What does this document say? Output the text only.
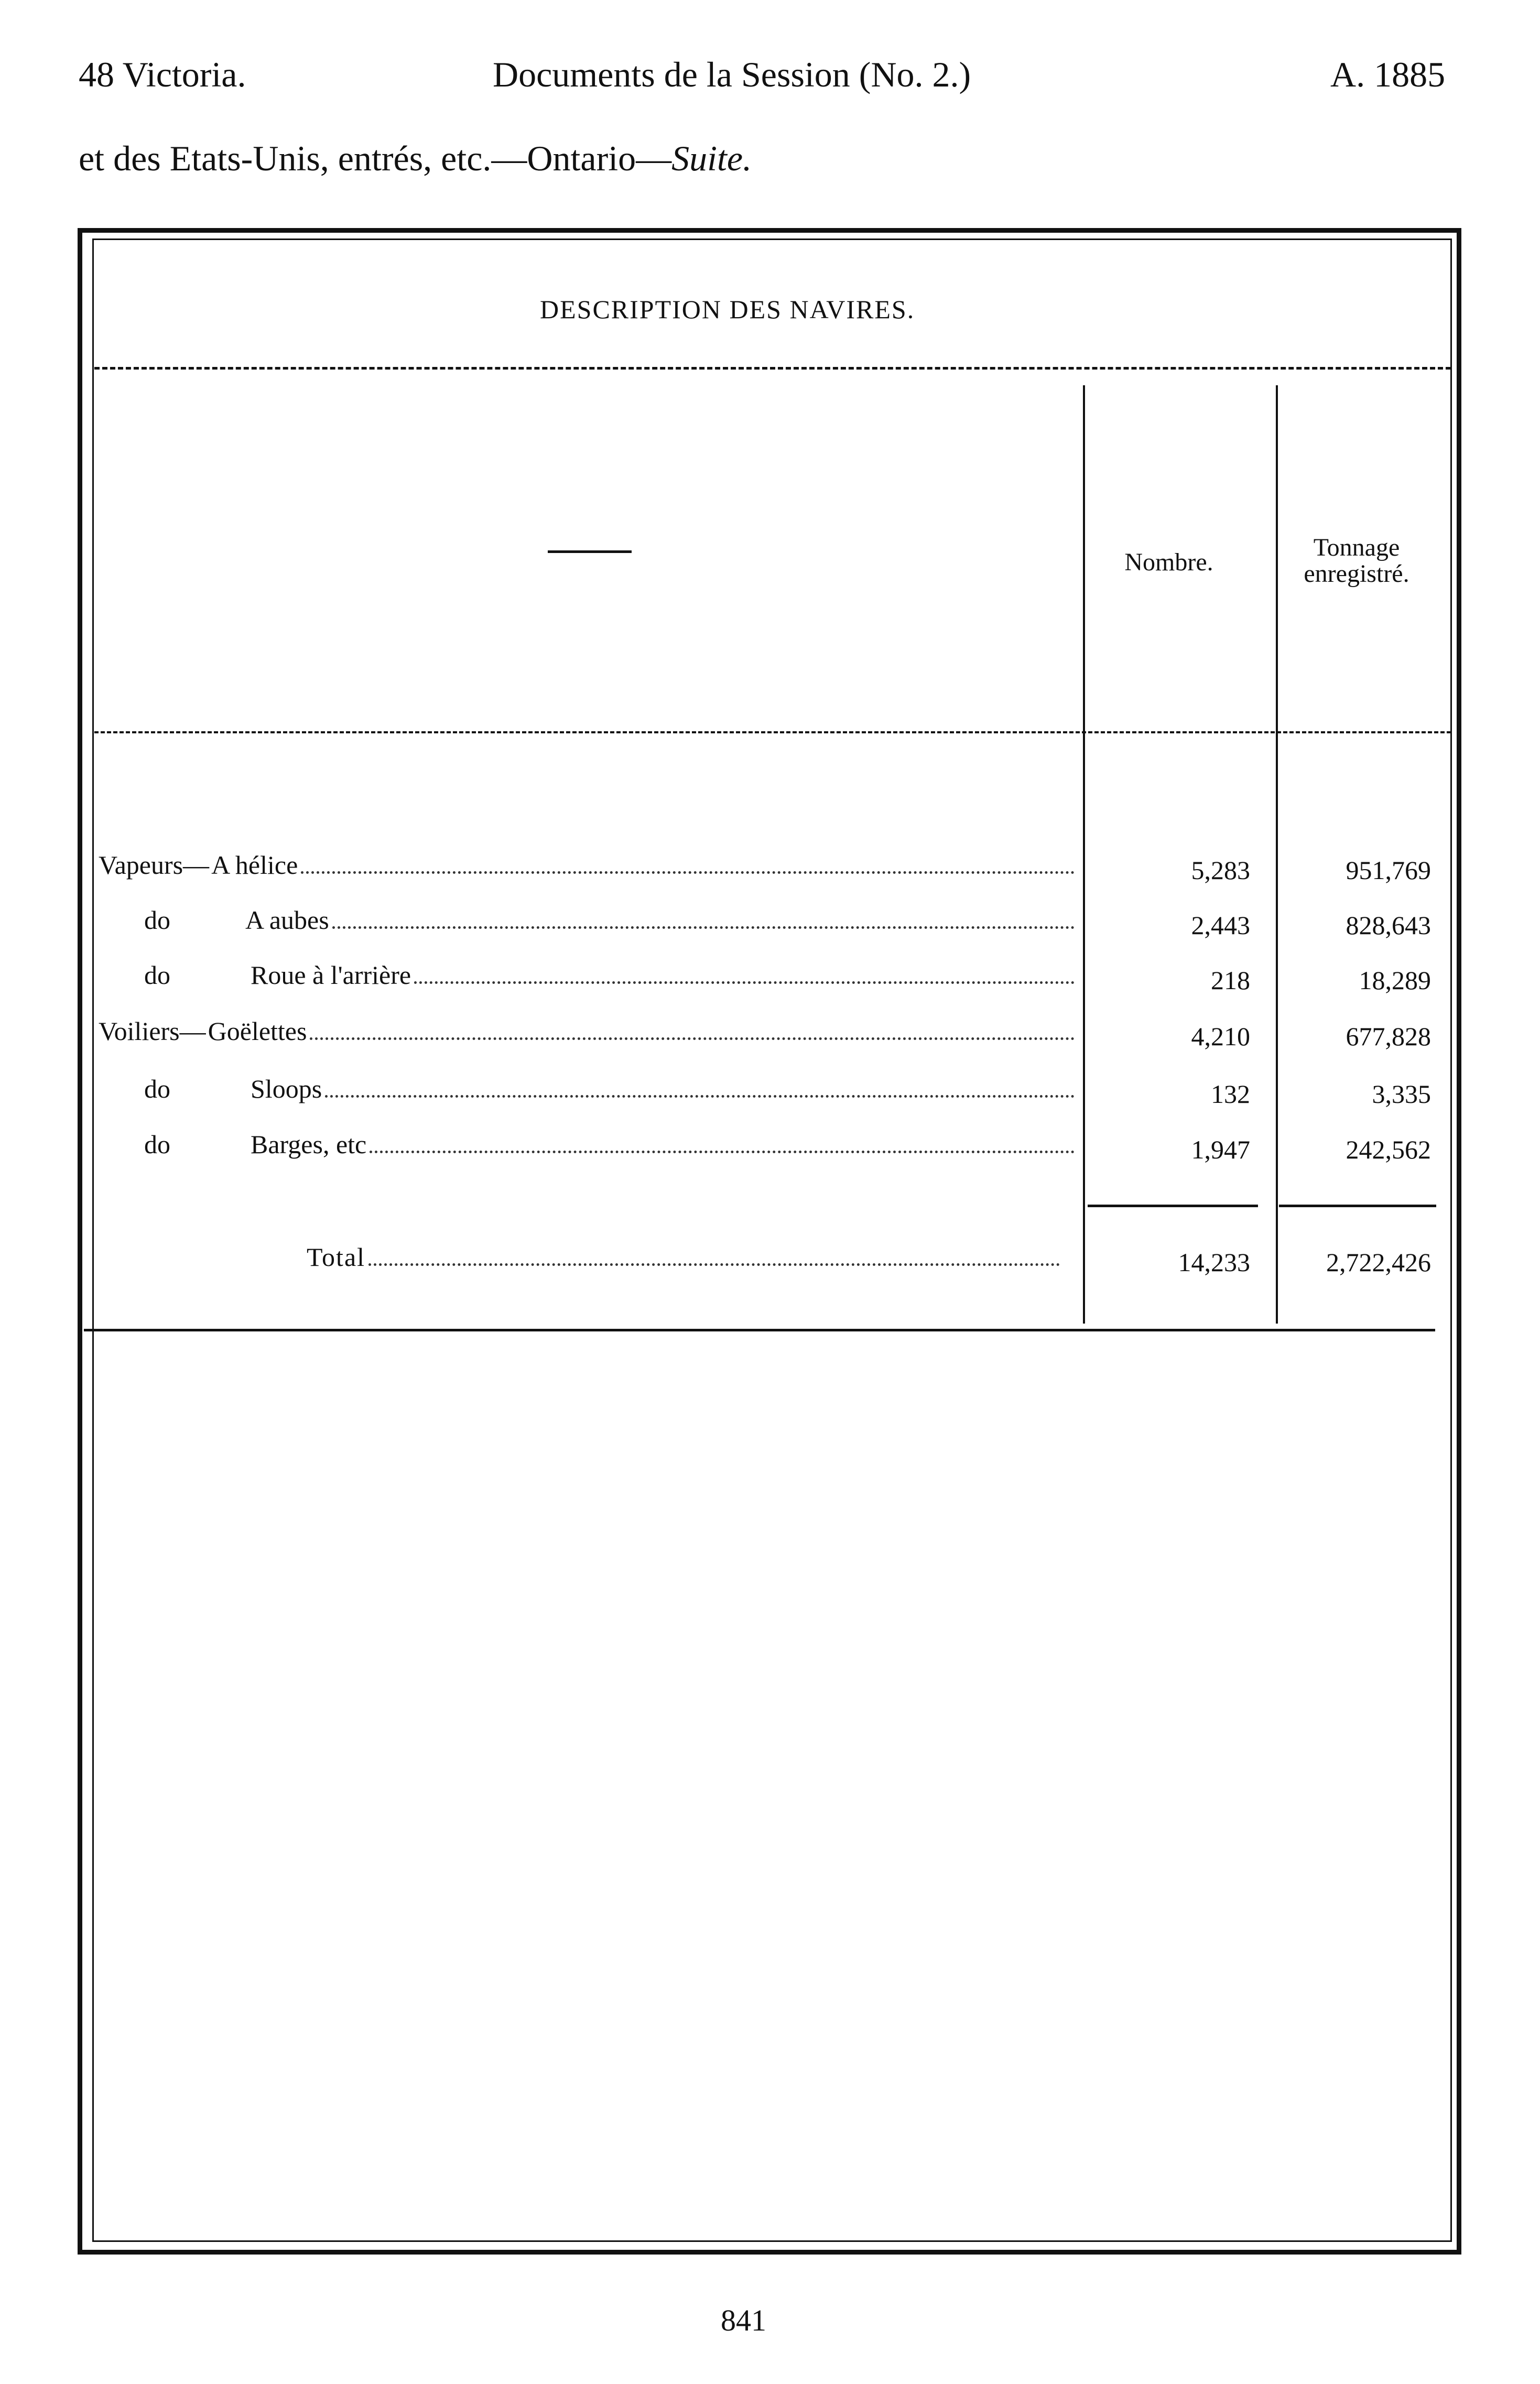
48 Victoria.	Documents de la Session (No. 2.)	A. 1885
et des Etats-Unis, entrés, etc.—Ontario—Suite.
DESCRIPTION DES NAVIRES.
Nombre.
Tonnage enregistré.
Vapeurs— A hélice	5,283	951,769
do	A aubes	2,443	828,643
do	Roue à l'arrière	218	18,289
Voiliers— Goëlettes	4,210	677,828
do	Sloops	132	3,335
do	Barges, etc	1,947	242,562
Total	14,233	2,722,426
841
